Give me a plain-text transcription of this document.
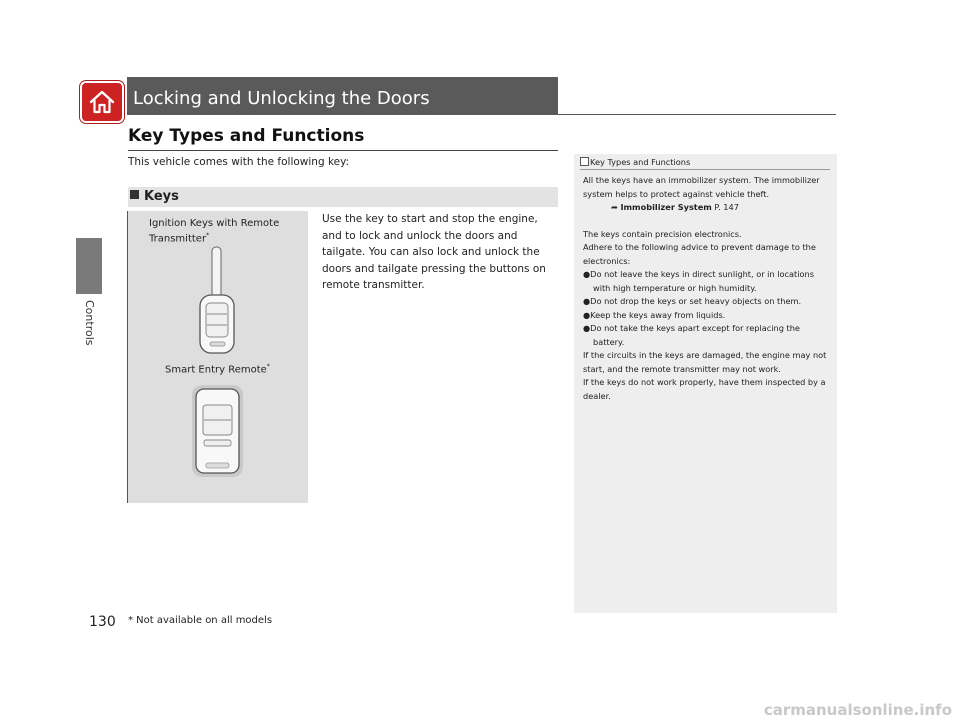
Controls
Locking and Unlocking the Doors
Key Types and Functions
This vehicle comes with the following key:
Keys
Ignition Keys with Remote Transmitter*
Smart Entry Remote*
Use the key to start and stop the engine, and to lock and unlock the doors and tailgate. You can also lock and unlock the doors and tailgate pressing the buttons on remote transmitter.
Key Types and Functions

All the keys have an immobilizer system. The immobilizer system helps to protect against vehicle theft.

➦ Immobilizer System P. 147

The keys contain precision electronics.

Adhere to the following advice to prevent damage to the electronics:

●Do not leave the keys in direct sunlight, or in locations with high temperature or high humidity.

●Do not drop the keys or set heavy objects on them.

●Keep the keys away from liquids.

●Do not take the keys apart except for replacing the battery.

If the circuits in the keys are damaged, the engine may not start, and the remote transmitter may not work.

If the keys do not work properly, have them inspected by a dealer.

130 * Not available on all models
carmanualsonline.info
